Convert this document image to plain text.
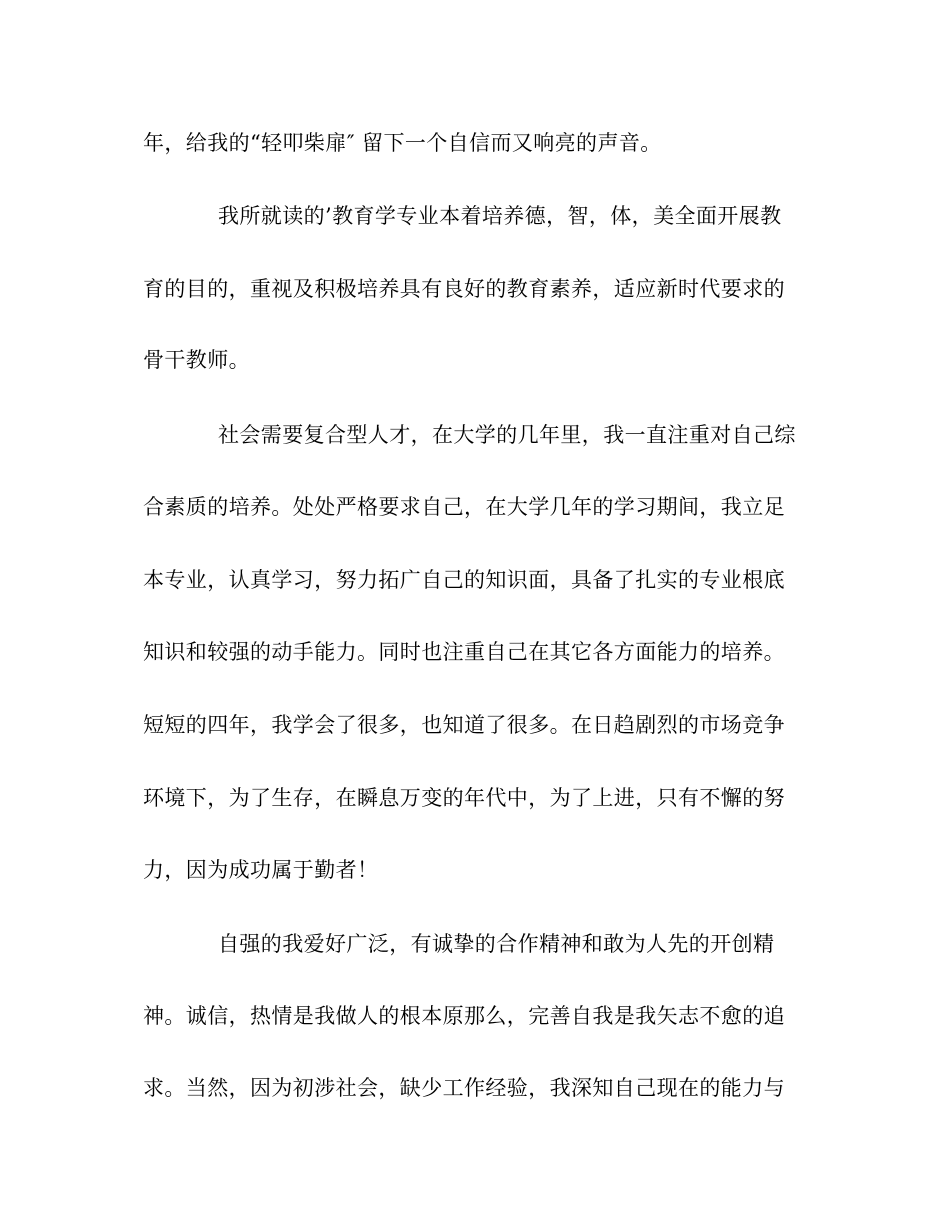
年，给我的“轻叩柴扉″ 留下一个自信而又响亮的声音。
我所就读的’教育学专业本着培养德，智，体，美全面开展教
育的目的，重视及积极培养具有良好的教育素养，适应新时代要求的
骨干教师。
社会需要复合型人才，在大学的几年里，我一直注重对自己综
合素质的培养。处处严格要求自己，在大学几年的学习期间，我立足
本专业，认真学习，努力拓广自己的知识面，具备了扎实的专业根底
知识和较强的动手能力。同时也注重自己在其它各方面能力的培养。
短短的四年，我学会了很多，也知道了很多。在日趋剧烈的市场竞争
环境下，为了生存，在瞬息万变的年代中，为了上进，只有不懈的努
力，因为成功属于勤者！
自强的我爱好广泛，有诚挚的合作精神和敢为人先的开创精
神。诚信，热情是我做人的根本原那么，完善自我是我矢志不愈的追
求。当然，因为初涉社会，缺少工作经验，我深知自己现在的能力与
